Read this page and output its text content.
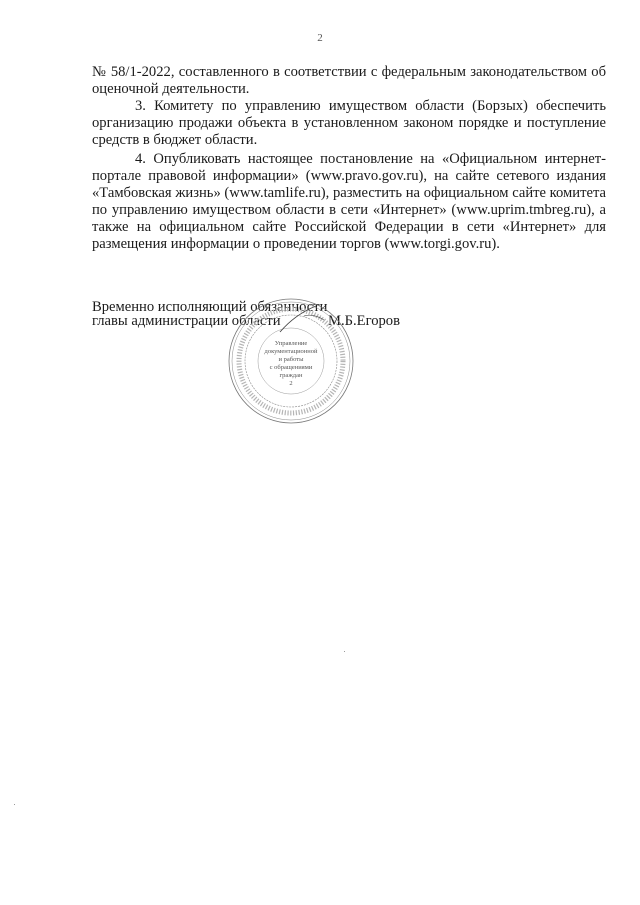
2

№ 58/1-2022, составленного в соответствии с федеральным законодательством об оценочной деятельности.

3. Комитету по управлению имуществом области (Борзых) обеспечить организацию продажи объекта в установленном законом порядке и поступление средств в бюджет области.

4. Опубликовать настоящее постановление на «Официальном интернет-портале правовой информации» (www.pravo.gov.ru), на сайте сетевого издания «Тамбовская жизнь» (www.tamlife.ru), разместить на официальном сайте комитета по управлению имуществом области в сети «Интернет» (www.uprim.tmbreg.ru), а также на официальном сайте Российской Федерации в сети «Интернет» для размещения информации о проведении торгов (www.torgi.gov.ru).

Временно исполняющий обязанности
главы администрации области	М.Б.Егоров
Управление
документационной
и работы
с обращениями
граждан
2
